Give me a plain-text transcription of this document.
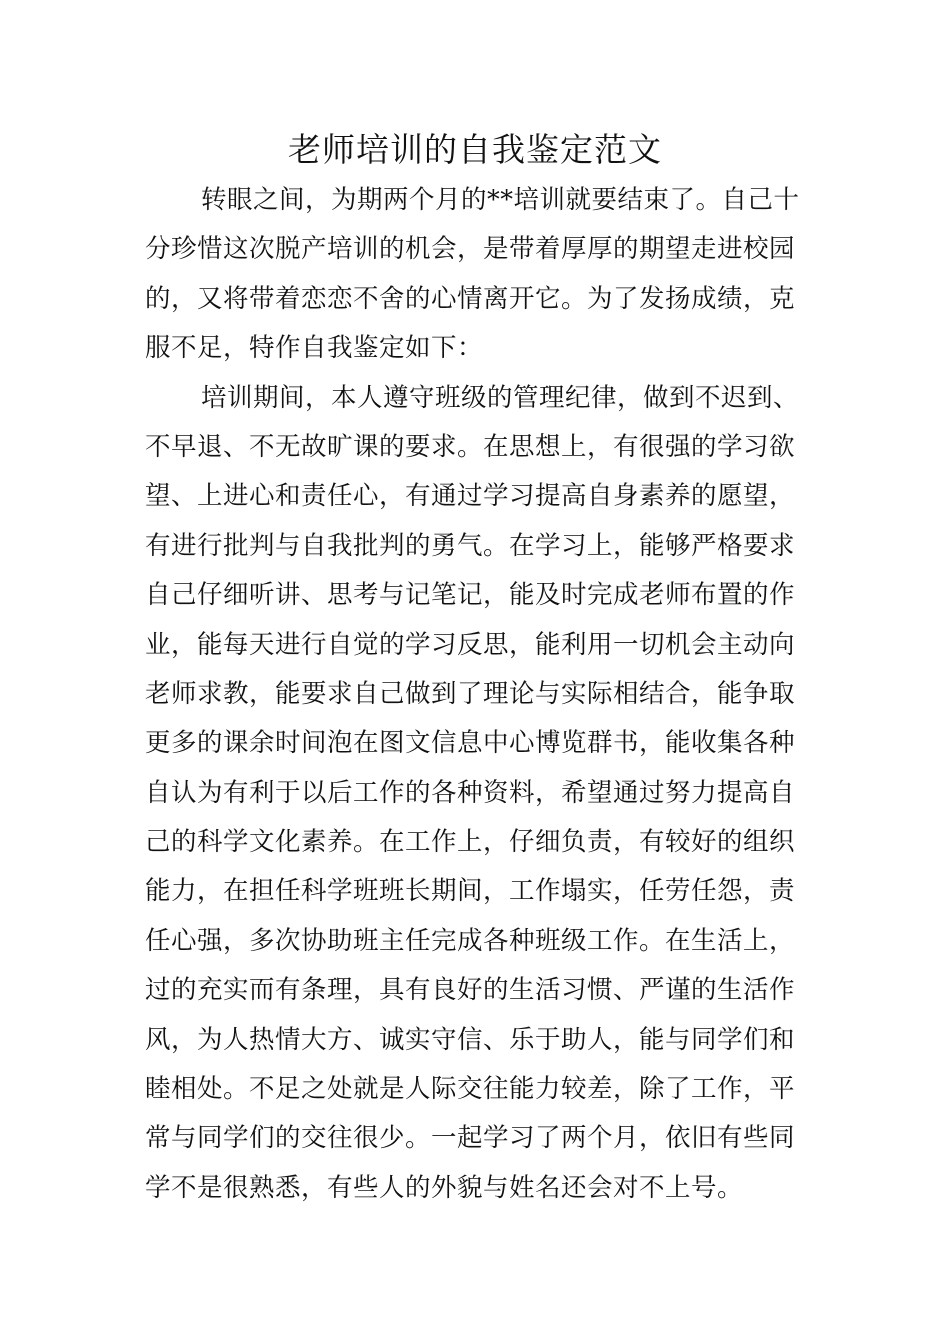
老师培训的自我鉴定范文
转眼之间，为期两个月的**培训就要结束了。自己十
分珍惜这次脱产培训的机会，是带着厚厚的期望走进校园
的，又将带着恋恋不舍的心情离开它。为了发扬成绩，克
服不足，特作自我鉴定如下：
培训期间，本人遵守班级的管理纪律，做到不迟到、
不早退、不无故旷课的要求。在思想上，有很强的学习欲
望、上进心和责任心，有通过学习提高自身素养的愿望，
有进行批判与自我批判的勇气。在学习上，能够严格要求
自己仔细听讲、思考与记笔记，能及时完成老师布置的作
业，能每天进行自觉的学习反思，能利用一切机会主动向
老师求教，能要求自己做到了理论与实际相结合，能争取
更多的课余时间泡在图文信息中心博览群书，能收集各种
自认为有利于以后工作的各种资料，希望通过努力提高自
己的科学文化素养。在工作上，仔细负责，有较好的组织
能力，在担任科学班班长期间，工作塌实，任劳任怨，责
任心强，多次协助班主任完成各种班级工作。在生活上，
过的充实而有条理，具有良好的生活习惯、严谨的生活作
风，为人热情大方、诚实守信、乐于助人，能与同学们和
睦相处。不足之处就是人际交往能力较差，除了工作，平
常与同学们的交往很少。一起学习了两个月，依旧有些同
学不是很熟悉，有些人的外貌与姓名还会对不上号。
